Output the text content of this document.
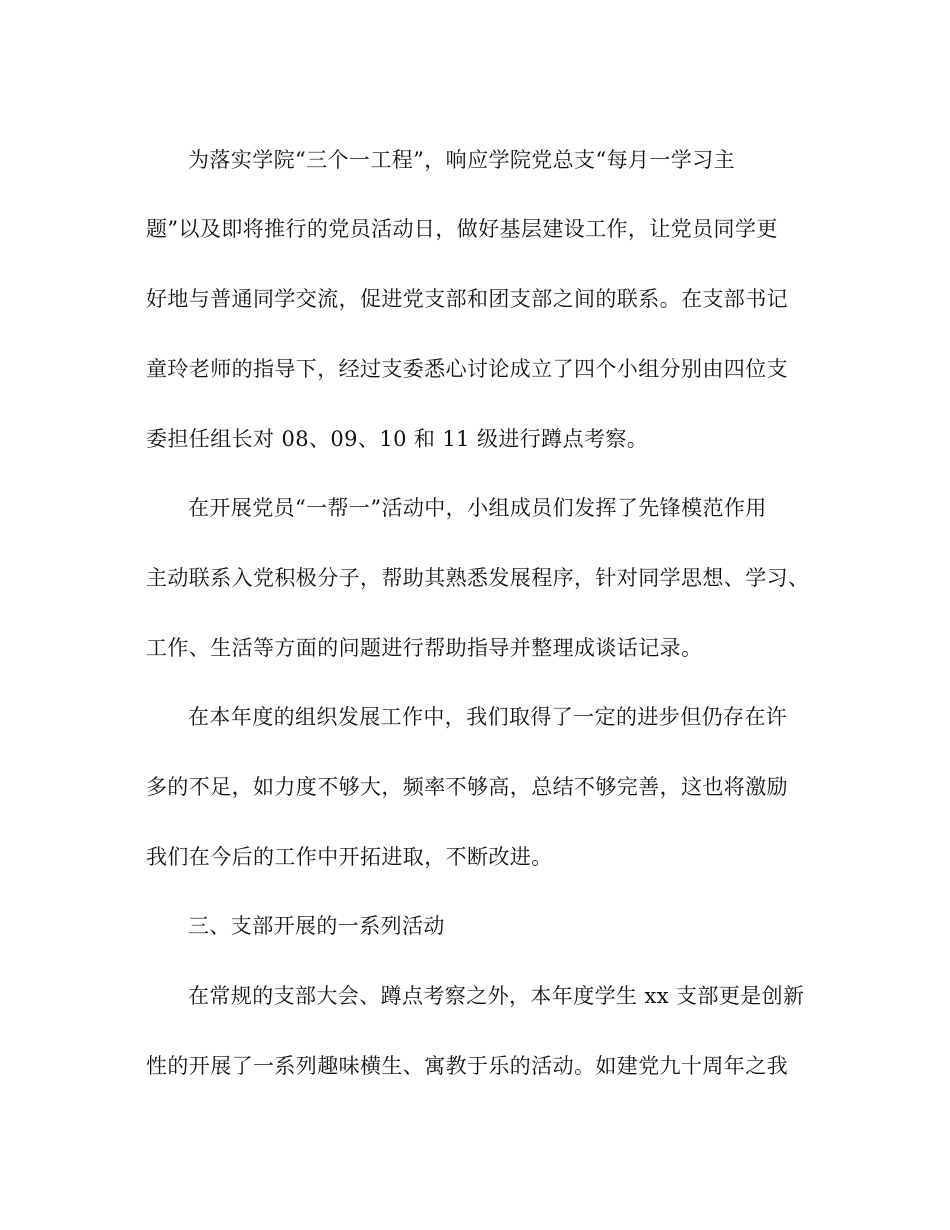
为落实学院“三个一工程”，响应学院党总支“每月一学习主
题”以及即将推行的党员活动日，做好基层建设工作，让党员同学更
好地与普通同学交流，促进党支部和团支部之间的联系。在支部书记
童玲老师的指导下，经过支委悉心讨论成立了四个小组分别由四位支
委担任组长对 08、09、10 和 11 级进行蹲点考察。
在开展党员“一帮一”活动中，小组成员们发挥了先锋模范作用
主动联系入党积极分子，帮助其熟悉发展程序，针对同学思想、学习、
工作、生活等方面的问题进行帮助指导并整理成谈话记录。
在本年度的组织发展工作中，我们取得了一定的进步但仍存在许
多的不足，如力度不够大，频率不够高，总结不够完善，这也将激励
我们在今后的工作中开拓进取，不断改进。
三、支部开展的一系列活动
在常规的支部大会、蹲点考察之外，本年度学生 xx 支部更是创新
性的开展了一系列趣味横生、寓教于乐的活动。如建党九十周年之我
